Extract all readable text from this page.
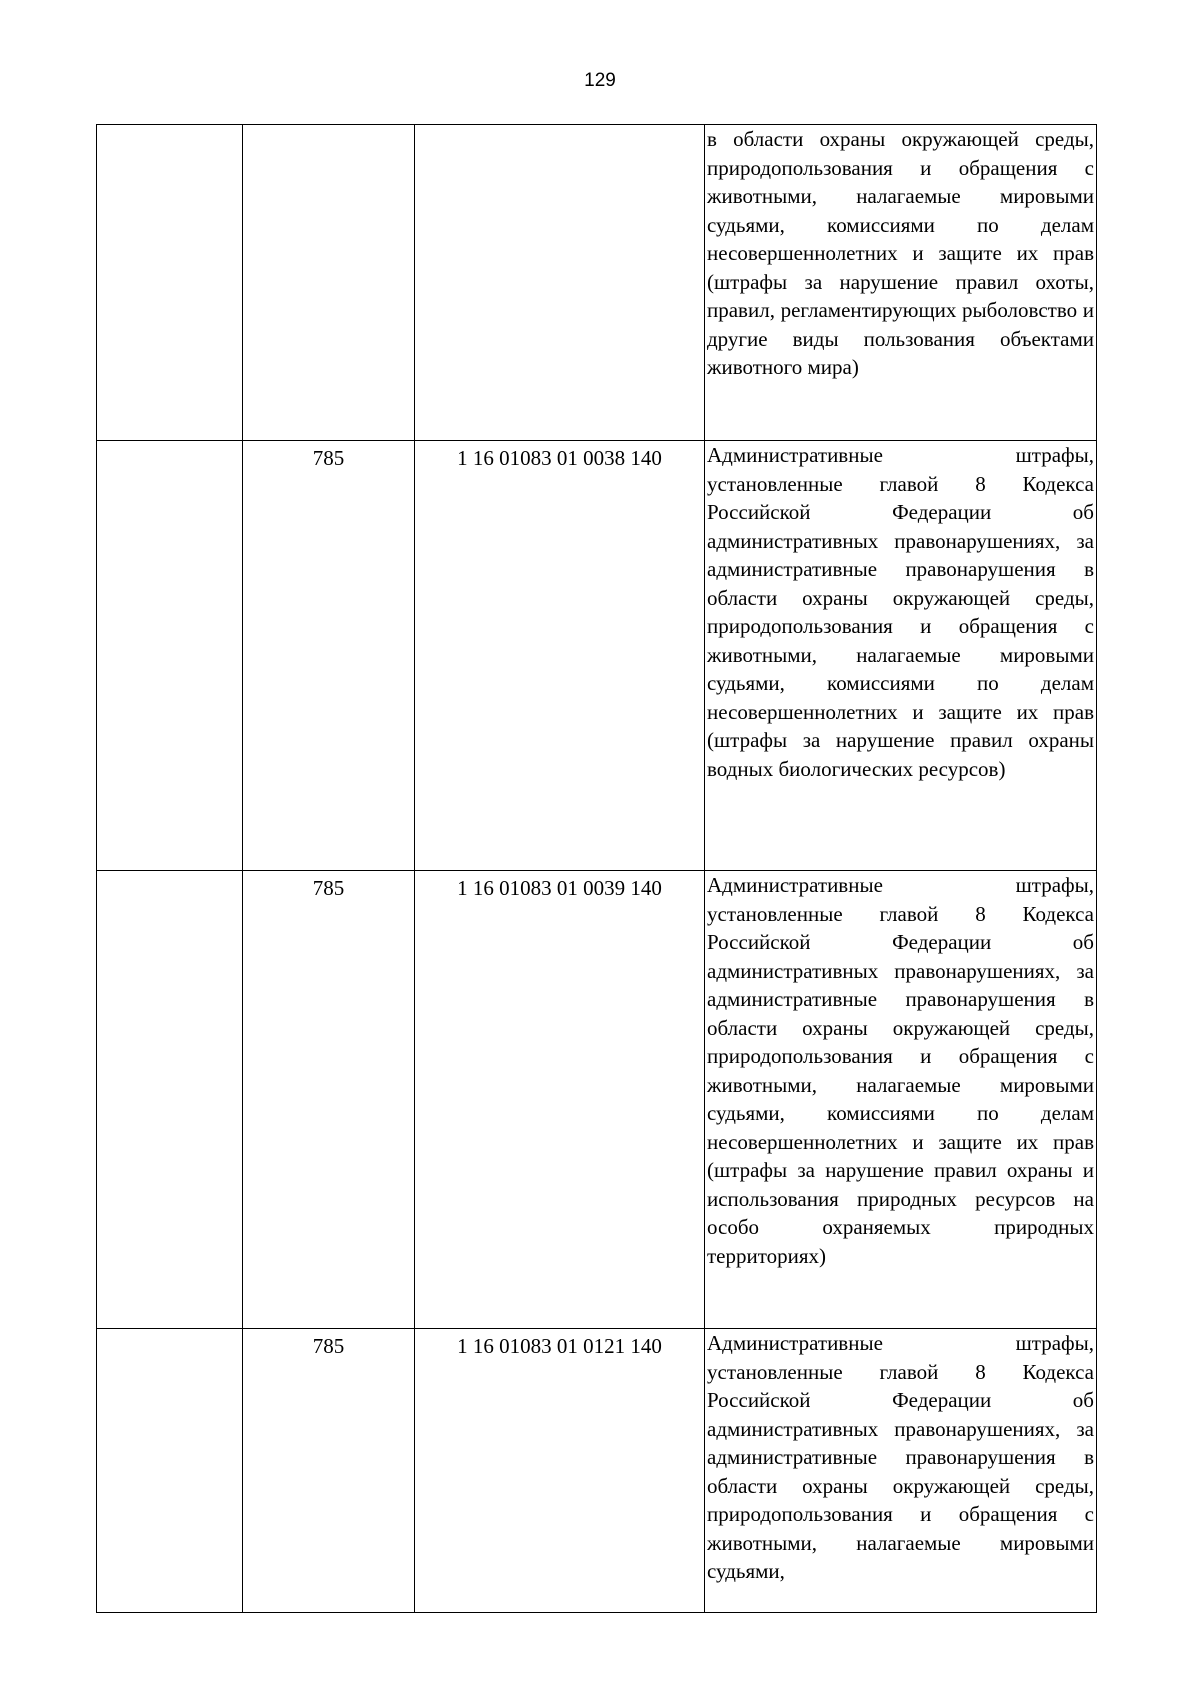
129
			в области охраны окружающей среды, природопользования и обращения с животными, налагаемые мировыми судьями, комиссиями по делам несовершеннолетних и защите их прав (штрафы за нарушение правил охоты, правил, регламентирующих рыболовство и другие виды пользования объектами животного мира)
	785	1 16 01083 01 0038 140	Административные штрафы, установленные главой 8 Кодекса Российской Федерации об административных правонарушениях, за административные правонарушения в области охраны окружающей среды, природопользования и обращения с животными, налагаемые мировыми судьями, комиссиями по делам несовершеннолетних и защите их прав (штрафы за нарушение правил охраны водных биологических ресурсов)
	785	1 16 01083 01 0039 140	Административные штрафы, установленные главой 8 Кодекса Российской Федерации об административных правонарушениях, за административные правонарушения в области охраны окружающей среды, природопользования и обращения с животными, налагаемые мировыми судьями, комиссиями по делам несовершеннолетних и защите их прав (штрафы за нарушение правил охраны и использования природных ресурсов на особо охраняемых природных территориях)
	785	1 16 01083 01 0121 140	Административные штрафы, установленные главой 8 Кодекса Российской Федерации об административных правонарушениях, за административные правонарушения в области охраны окружающей среды, природопользования и обращения с животными, налагаемые мировыми судьями,
